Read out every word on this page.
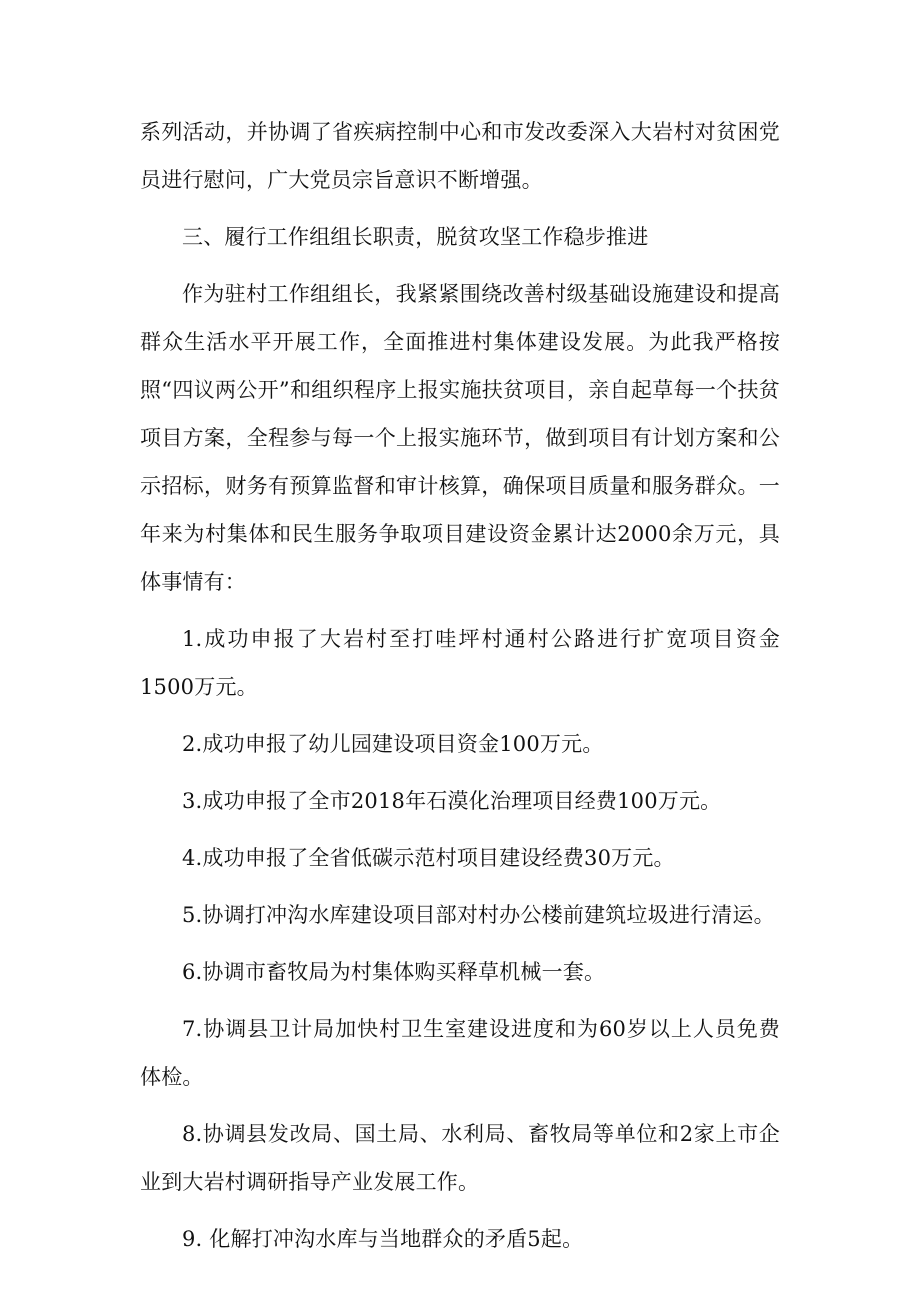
系列活动，并协调了省疾病控制中心和市发改委深入大岩村对贫困党员进行慰问，广大党员宗旨意识不断增强。

三、履行工作组组长职责，脱贫攻坚工作稳步推进

作为驻村工作组组长，我紧紧围绕改善村级基础设施建设和提高群众生活水平开展工作，全面推进村集体建设发展。为此我严格按照“四议两公开”和组织程序上报实施扶贫项目，亲自起草每一个扶贫项目方案，全程参与每一个上报实施环节，做到项目有计划方案和公示招标，财务有预算监督和审计核算，确保项目质量和服务群众。一年来为村集体和民生服务争取项目建设资金累计达2000余万元，具体事情有：

1.成功申报了大岩村至打哇坪村通村公路进行扩宽项目资金1500万元。

2.成功申报了幼儿园建设项目资金100万元。

3.成功申报了全市2018年石漠化治理项目经费100万元。

4.成功申报了全省低碳示范村项目建设经费30万元。

5.协调打冲沟水库建设项目部对村办公楼前建筑垃圾进行清运。

6.协调市畜牧局为村集体购买释草机械一套。

7.协调县卫计局加快村卫生室建设进度和为60岁以上人员免费体检。

8.协调县发改局、国土局、水利局、畜牧局等单位和2家上市企业到大岩村调研指导产业发展工作。

9. 化解打冲沟水库与当地群众的矛盾5起。
